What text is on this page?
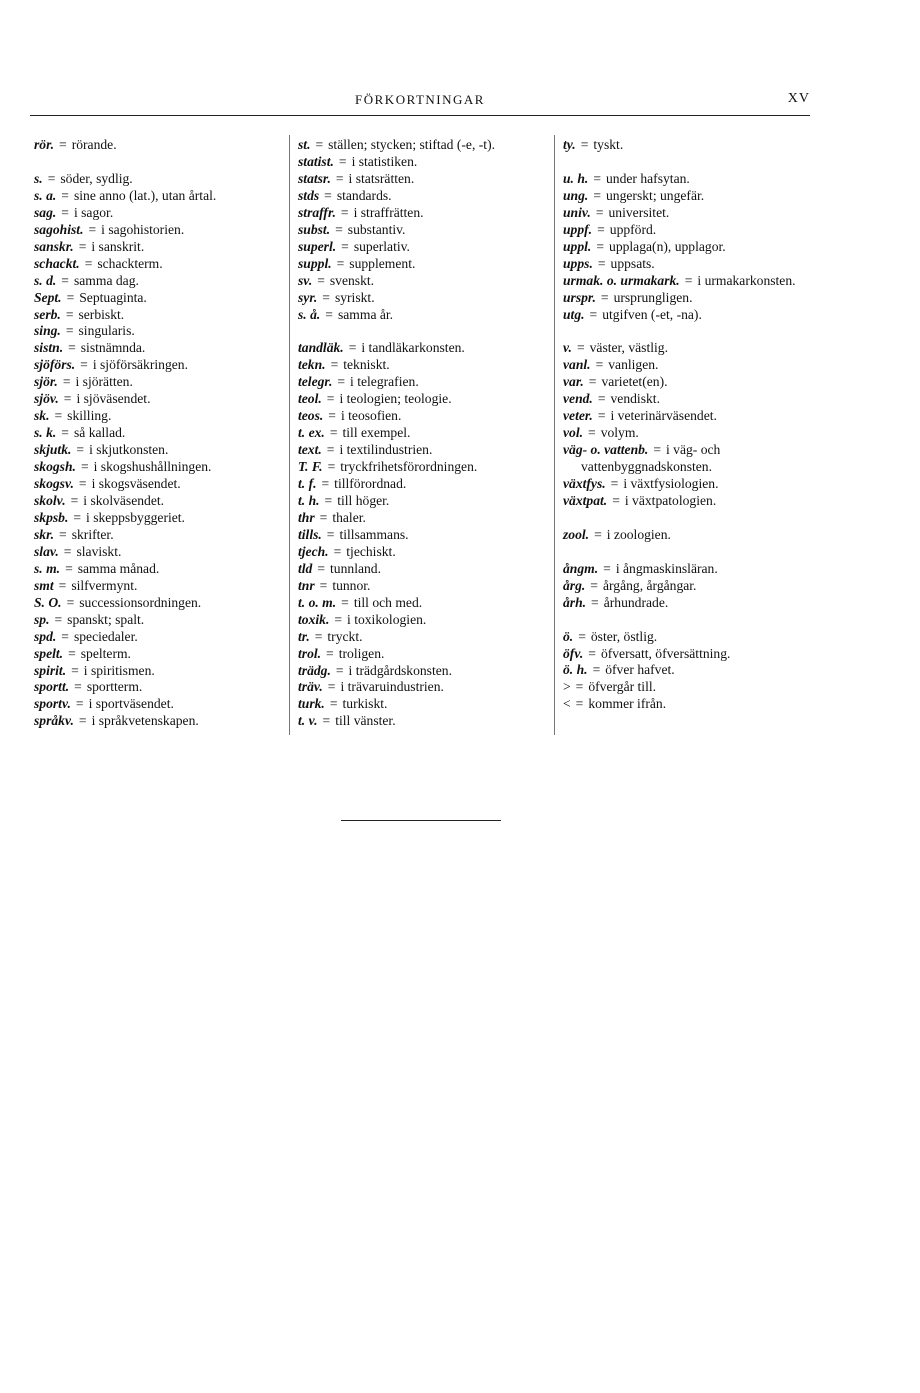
FÖRKORTNINGAR	XV
rör. = rörande.
s. = söder, sydlig.
s. a. = sine anno (lat.), utan årtal.
sag. = i sagor.
sagohist. = i sagohistorien.
sanskr. = i sanskrit.
schackt. = schackterm.
s. d. = samma dag.
Sept. = Septuaginta.
serb. = serbiskt.
sing. = singularis.
sistn. = sistnämnda.
sjöförs. = i sjöförsäkringen.
sjör. = i sjörätten.
sjöv. = i sjöväsendet.
sk. = skilling.
s. k. = så kallad.
skjutk. = i skjutkonsten.
skogsh. = i skogshushållningen.
skogsv. = i skogsväsendet.
skolv. = i skolväsendet.
skpsb. = i skeppsbyggeriet.
skr. = skrifter.
slav. = slaviskt.
s. m. = samma månad.
smt = silfvermynt.
S. O. = successionsordningen.
sp. = spanskt; spalt.
spd. = speciedaler.
spelt. = spelterm.
spirit. = i spiritismen.
sportt. = sportterm.
sportv. = i sportväsendet.
språkv. = i språkvetenskapen.
st. = ställen; stycken; stiftad (-e, -t).
statist. = i statistiken.
statsr. = i statsrätten.
stds = standards.
straffr. = i straffrätten.
subst. = substantiv.
superl. = superlativ.
suppl. = supplement.
sv. = svenskt.
syr. = syriskt.
s. å. = samma år.
tandläk. = i tandläkarkonsten.
tekn. = tekniskt.
telegr. = i telegrafien.
teol. = i teologien; teologie.
teos. = i teosofien.
t. ex. = till exempel.
text. = i textilindustrien.
T. F. = tryckfrihetsförordningen.
t. f. = tillförordnad.
t. h. = till höger.
thr = thaler.
tills. = tillsammans.
tjech. = tjechiskt.
tld = tunnland.
tnr = tunnor.
t. o. m. = till och med.
toxik. = i toxikologien.
tr. = tryckt.
trol. = troligen.
trädg. = i trädgårdskonsten.
träv. = i trävaruindustrien.
turk. = turkiskt.
t. v. = till vänster.
ty. = tyskt.
u. h. = under hafsytan.
ung. = ungerskt; ungefär.
univ. = universitet.
uppf. = uppförd.
uppl. = upplaga(n), upplagor.
upps. = uppsats.
urmak. o. urmakark. = i urmakarkonsten.
urspr. = ursprungligen.
utg. = utgifven (-et, -na).
v. = väster, västlig.
vanl. = vanligen.
var. = varietet(en).
vend. = vendiskt.
veter. = i veterinärväsendet.
vol. = volym.
väg- o. vattenb. = i väg- och vattenbyggnadskonsten.
växtfys. = i växtfysiologien.
växtpat. = i växtpatologien.
zool. = i zoologien.
ångm. = i ångmaskinsläran.
årg. = årgång, årgångar.
årh. = århundrade.
ö. = öster, östlig.
öfv. = öfversatt, öfversättning.
ö. h. = öfver hafvet.
> = öfvergår till.
< = kommer ifrån.
